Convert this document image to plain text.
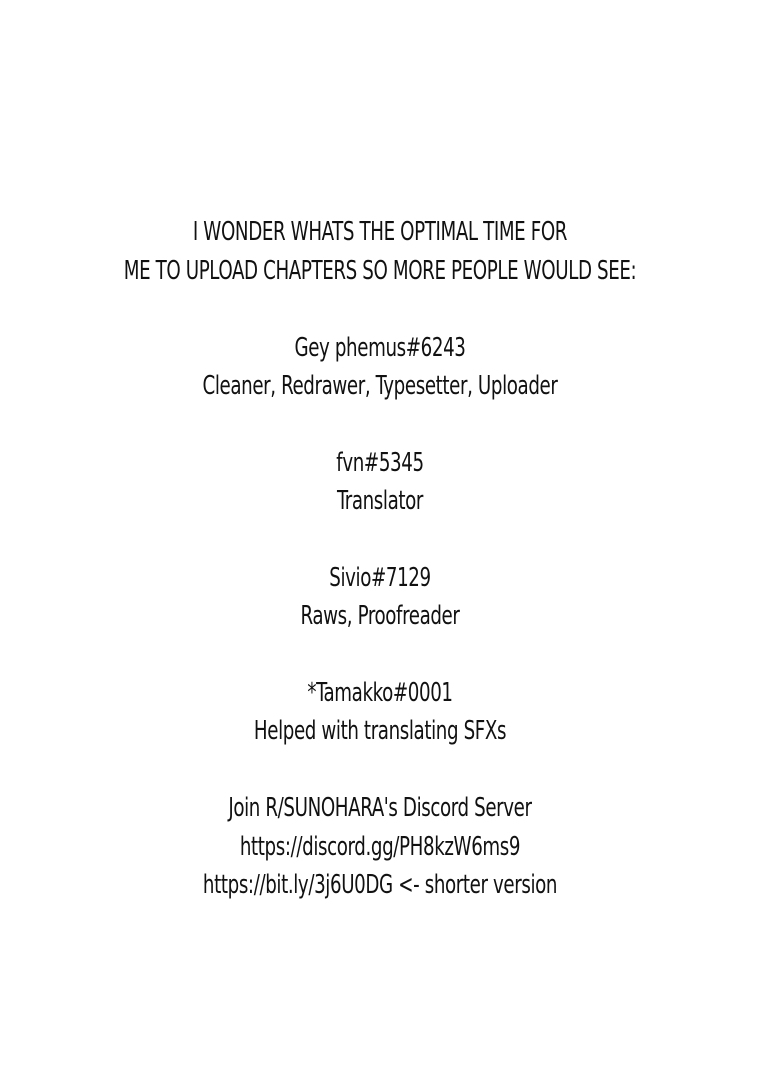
I WONDER WHATS THE OPTIMAL TIME FOR
ME TO UPLOAD CHAPTERS SO MORE PEOPLE WOULD SEE:
Gey phemus#6243
Cleaner, Redrawer, Typesetter, Uploader
fvn#5345
Translator
Sivio#7129
Raws, Proofreader
*Tamakko#0001
Helped with translating SFXs
Join R/SUNOHARA's Discord Server
https://discord.gg/PH8kzW6ms9
https://bit.ly/3j6U0DG <- shorter version
